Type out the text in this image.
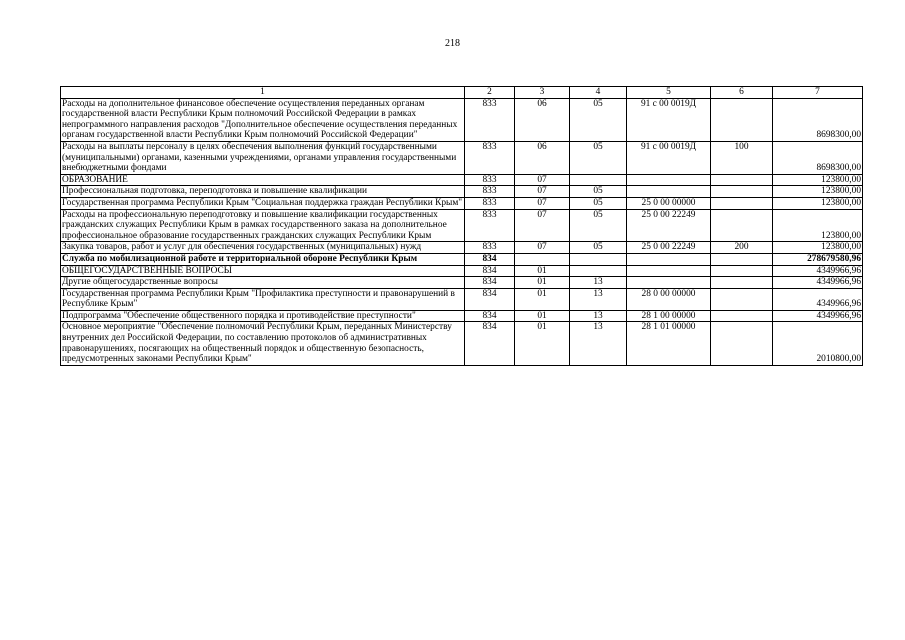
218
1	2	3	4	5	6	7
Расходы на дополнительное финансовое обеспечение осуществления переданных органам государственной власти Республики Крым полномочий Российской Федерации в рамках непрограммного направления расходов "Дополнительное обеспечение осуществления переданных органам государственной власти Республики Крым полномочий Российской Федерации"	833	06	05	91 с 00 0019Д		8698300,00
Расходы на выплаты персоналу в целях обеспечения выполнения функций государственными (муниципальными) органами, казенными учреждениями, органами управления государственными внебюджетными фондами	833	06	05	91 с 00 0019Д	100	8698300,00
ОБРАЗОВАНИЕ	833	07				123800,00
Профессиональная подготовка, переподготовка и повышение квалификации	833	07	05			123800,00
Государственная программа Республики Крым "Социальная поддержка граждан Республики Крым"	833	07	05	25 0 00 00000		123800,00
Расходы на профессиональную переподготовку и повышение квалификации государственных гражданских служащих Республики Крым в рамках государственного заказа на дополнительное профессиональное образование государственных гражданских служащих Республики Крым	833	07	05	25 0 00 22249		123800,00
Закупка товаров, работ и услуг для обеспечения государственных (муниципальных) нужд	833	07	05	25 0 00 22249	200	123800,00
Служба по мобилизационной работе и территориальной обороне Республики Крым	834					278679580,96
ОБЩЕГОСУДАРСТВЕННЫЕ ВОПРОСЫ	834	01				4349966,96
Другие общегосударственные вопросы	834	01	13			4349966,96
Государственная программа Республики Крым "Профилактика преступности и правонарушений в Республике Крым"	834	01	13	28 0 00 00000		4349966,96
Подпрограмма "Обеспечение общественного порядка и противодействие преступности"	834	01	13	28 1 00 00000		4349966,96
Основное мероприятие "Обеспечение полномочий Республики Крым, переданных Министерству внутренних дел Российской Федерации, по составлению протоколов об административных правонарушениях, посягающих на общественный порядок и общественную безопасность, предусмотренных законами Республики Крым"	834	01	13	28 1 01 00000		2010800,00
